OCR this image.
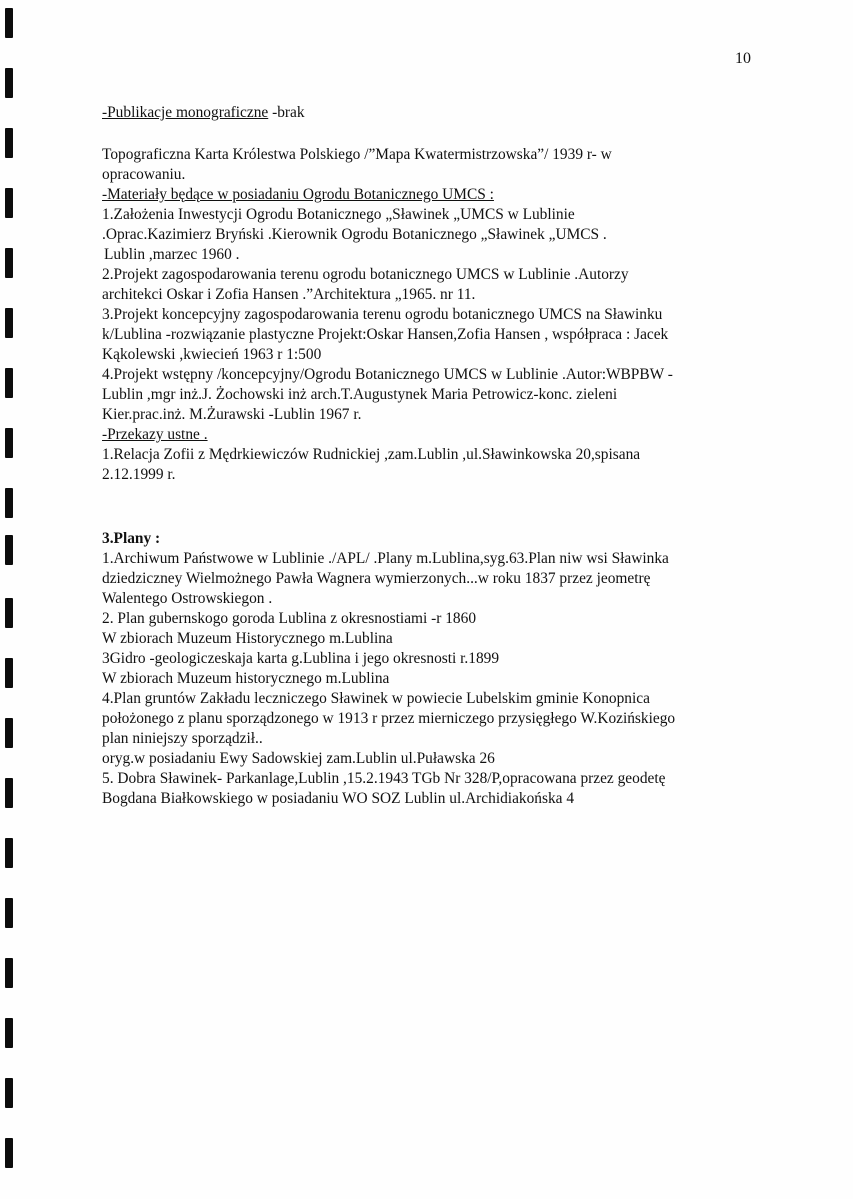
10
-Publikacje monograficzne -brak
Topograficzna Karta Królestwa Polskiego /”Mapa Kwatermistrzowska”/ 1939 r- w
opracowaniu.
-Materiały będące w posiadaniu Ogrodu Botanicznego UMCS :
1.Założenia Inwestycji Ogrodu Botanicznego „Sławinek „UMCS w Lublinie
.Oprac.Kazimierz Bryński .Kierownik Ogrodu Botanicznego „Sławinek „UMCS .
Lublin ,marzec 1960 .
2.Projekt zagospodarowania terenu ogrodu botanicznego UMCS w Lublinie .Autorzy
architekci Oskar i Zofia Hansen .”Architektura „1965. nr 11.
3.Projekt koncepcyjny zagospodarowania terenu ogrodu botanicznego UMCS na Sławinku
k/Lublina -rozwiązanie plastyczne Projekt:Oskar Hansen,Zofia Hansen , współpraca : Jacek
Kąkolewski ,kwiecień 1963 r 1:500
4.Projekt wstępny /koncepcyjny/Ogrodu Botanicznego UMCS w Lublinie .Autor:WBPBW -
Lublin ,mgr inż.J. Żochowski inż arch.T.Augustynek Maria Petrowicz-konc. zieleni
Kier.prac.inż. M.Żurawski -Lublin 1967 r.
-Przekazy ustne .
1.Relacja Zofii z Mędrkiewiczów Rudnickiej ,zam.Lublin ,ul.Sławinkowska 20,spisana
2.12.1999 r.
3.Plany :
1.Archiwum Państwowe w Lublinie ./APL/ .Plany m.Lublina,syg.63.Plan niw wsi Sławinka
dziedziczney Wielmożnego Pawła Wagnera wymierzonych...w roku 1837 przez jeometrę
Walentego Ostrowskiegon .
2. Plan gubernskogo goroda Lublina z okresnostiami -r 1860
W zbiorach Muzeum Historycznego m.Lublina
3Gidro -geologiczeskaja karta g.Lublina i jego okresnosti r.1899
W zbiorach Muzeum historycznego m.Lublina
4.Plan gruntów Zakładu leczniczego Sławinek w powiecie Lubelskim gminie Konopnica
położonego z planu sporządzonego w 1913 r przez mierniczego przysięgłego W.Kozińskiego
plan niniejszy sporządził..
oryg.w posiadaniu Ewy Sadowskiej zam.Lublin ul.Puławska 26
5. Dobra Sławinek- Parkanlage,Lublin ,15.2.1943 TGb Nr 328/P,opracowana przez geodetę
Bogdana Białkowskiego w posiadaniu WO SOZ Lublin ul.Archidiakońska 4
